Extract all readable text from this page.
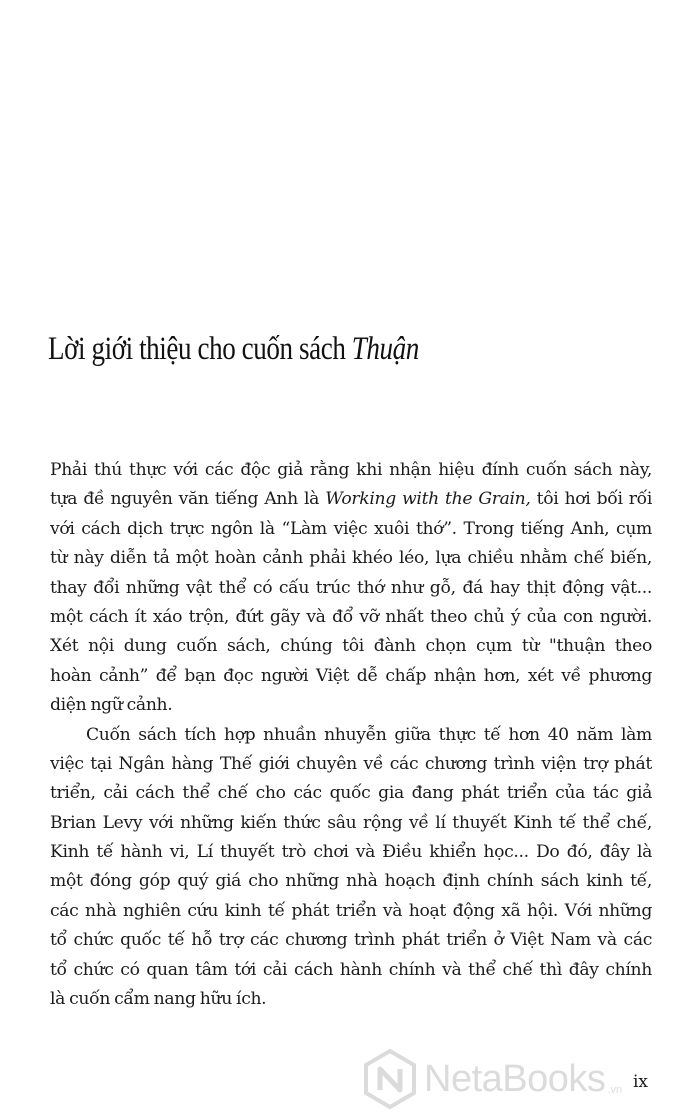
Lời giới thiệu cho cuốn sách Thuận
Phải thú thực với các độc giả rằng khi nhận hiệu đính cuốn sách này,
tựa đề nguyên văn tiếng Anh là Working with the Grain, tôi hơi bối rối
với cách dịch trực ngôn là “Làm việc xuôi thớ”. Trong tiếng Anh, cụm
từ này diễn tả một hoàn cảnh phải khéo léo, lựa chiều nhằm chế biến,
thay đổi những vật thể có cấu trúc thớ như gỗ, đá hay thịt động vật...
một cách ít xáo trộn, đứt gãy và đổ vỡ nhất theo chủ ý của con người.
Xét nội dung cuốn sách, chúng tôi đành chọn cụm từ "thuận theo
hoàn cảnh” để bạn đọc người Việt dễ chấp nhận hơn, xét về phương
diện ngữ cảnh.
Cuốn sách tích hợp nhuần nhuyễn giữa thực tế hơn 40 năm làm
việc tại Ngân hàng Thế giới chuyên về các chương trình viện trợ phát
triển, cải cách thể chế cho các quốc gia đang phát triển của tác giả
Brian Levy với những kiến thức sâu rộng về lí thuyết Kinh tế thể chế,
Kinh tế hành vi, Lí thuyết trò chơi và Điều khiển học... Do đó, đây là
một đóng góp quý giá cho những nhà hoạch định chính sách kinh tế,
các nhà nghiên cứu kinh tế phát triển và hoạt động xã hội. Với những
tổ chức quốc tế hỗ trợ các chương trình phát triển ở Việt Nam và các
tổ chức có quan tâm tới cải cách hành chính và thể chế thì đây chính
là cuốn cẩm nang hữu ích.
ix
NetaBooks .vn
